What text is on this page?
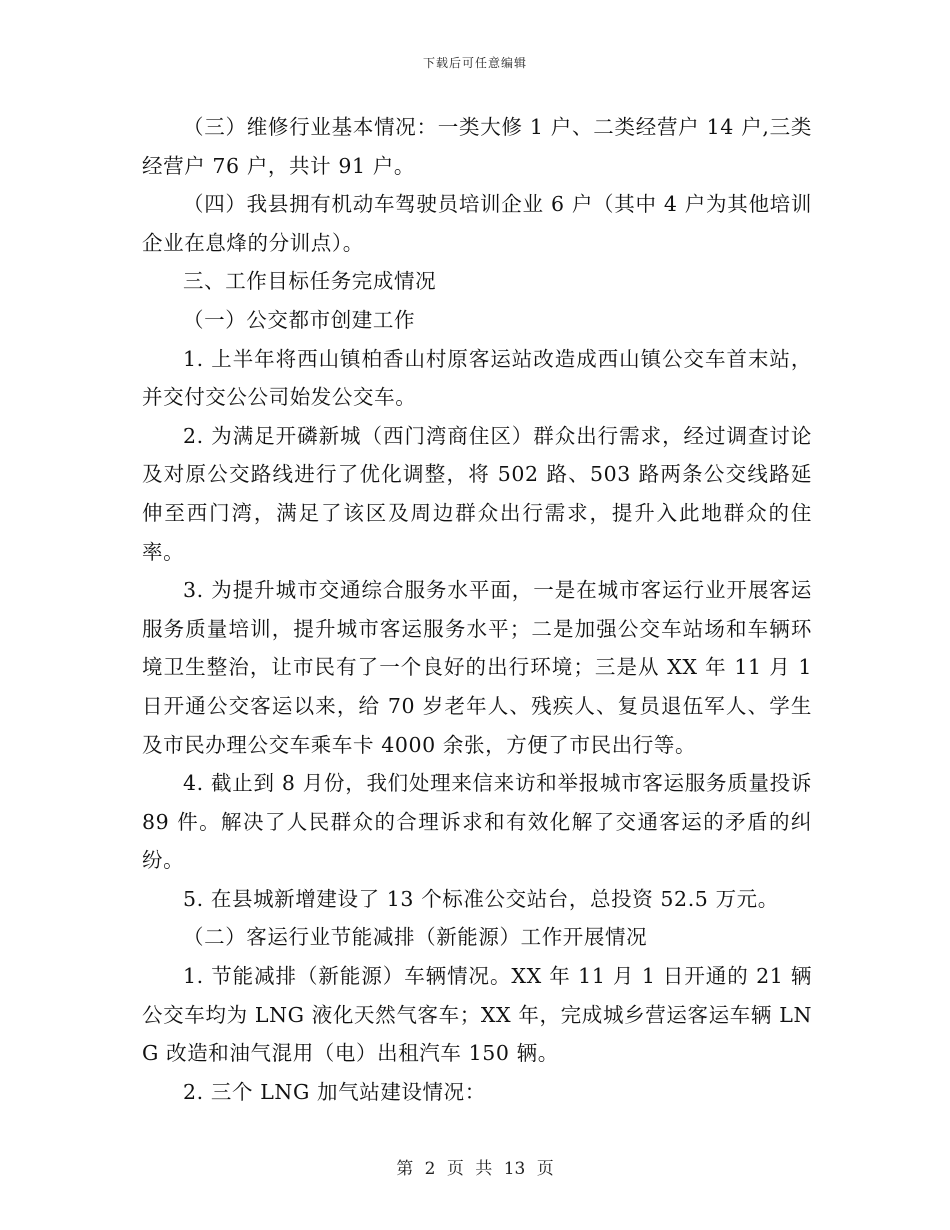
下载后可任意编辑

（三）维修行业基本情况：一类大修 1 户、二类经营户 14 户,三类经营户 76 户，共计 91 户。

（四）我县拥有机动车驾驶员培训企业 6 户（其中 4 户为其他培训企业在息烽的分训点）。

三、工作目标任务完成情况

（一）公交都市创建工作

1. 上半年将西山镇柏香山村原客运站改造成西山镇公交车首末站，并交付交公公司始发公交车。

2. 为满足开磷新城（西门湾商住区）群众出行需求，经过调查讨论及对原公交路线进行了优化调整，将 502 路、503 路两条公交线路延伸至西门湾，满足了该区及周边群众出行需求，提升入此地群众的住率。

3. 为提升城市交通综合服务水平面，一是在城市客运行业开展客运服务质量培训，提升城市客运服务水平；二是加强公交车站场和车辆环境卫生整治，让市民有了一个良好的出行环境；三是从 XX 年 11 月 1 日开通公交客运以来，给 70 岁老年人、残疾人、复员退伍军人、学生及市民办理公交车乘车卡 4000 余张，方便了市民出行等。

4. 截止到 8 月份，我们处理来信来访和举报城市客运服务质量投诉 89 件。解决了人民群众的合理诉求和有效化解了交通客运的矛盾的纠纷。

5. 在县城新增建设了 13 个标准公交站台，总投资 52.5 万元。

（二）客运行业节能减排（新能源）工作开展情况

1. 节能减排（新能源）车辆情况。XX 年 11 月 1 日开通的 21 辆公交车均为 LNG 液化天然气客车；XX 年，完成城乡营运客运车辆 LNG 改造和油气混用（电）出租汽车 150 辆。

2. 三个 LNG 加气站建设情况：

第 2 页 共 13 页
